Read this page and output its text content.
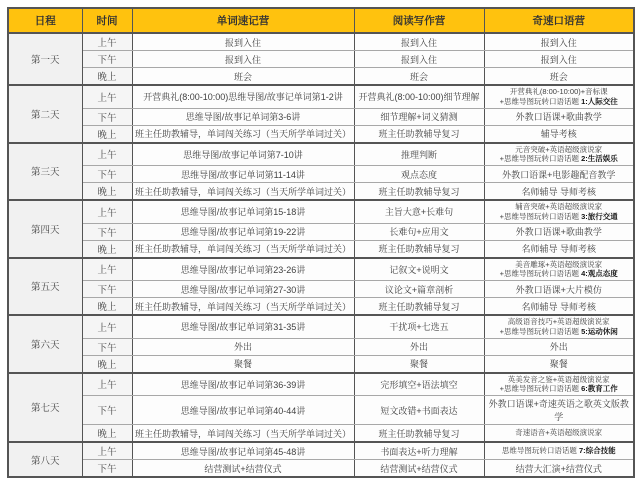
日程	时间	单词速记营	阅读写作营	奇速口语营
第一天	上午	报到入住	报到入住	报到入住
	下午	报到入住	报到入住	报到入住
	晚上	班会	班会	班会
第二天	上午	开营典礼(8:00-10:00)思维导图/故事记单词第1-2讲	开营典礼(8:00-10:00)细节理解	开营典礼(8:00-10:00)+音标课
+思维导图玩转口语话题 1:人际交往
	下午	思维导图/故事记单词第3-6讲	细节理解+词义猜测	外教口语课+歌曲教学
	晚上	班主任助教辅导，单词闯关练习（当天所学单词过关）	班主任助教辅导复习	辅导考核
第三天	上午	思维导图/故事记单词第7-10讲	推理判断	元音突破+英语超级演说家
+思维导图玩转口语话题 2:生活娱乐
	下午	思维导图/故事记单词第11-14讲	观点态度	外教口语课+电影趣配音教学
	晚上	班主任助教辅导，单词闯关练习（当天所学单词过关）	班主任助教辅导复习	名师辅导 导师考核
第四天	上午	思维导图/故事记单词第15-18讲	主旨大意+长难句	辅音突破+英语超级演说家
+思维导图玩转口语话题 3:旅行交通
	下午	思维导图/故事记单词第19-22讲	长难句+应用文	外教口语课+歌曲教学
	晚上	班主任助教辅导，单词闯关练习（当天所学单词过关）	班主任助教辅导复习	名师辅导 导师考核
第五天	上午	思维导图/故事记单词第23-26讲	记叙文+说明文	美音雕琢+英语超级演说家
+思维导图玩转口语话题 4:观点态度
	下午	思维导图/故事记单词第27-30讲	议论文+篇章剖析	外教口语课+大片模仿
	晚上	班主任助教辅导，单词闯关练习（当天所学单词过关）	班主任助教辅导复习	名师辅导 导师考核
第六天	上午	思维导图/故事记单词第31-35讲	干扰项+七选五	高级语音技巧+英语超级演说家
+思维导图玩转口语话题 5:运动休闲
	下午	外出	外出	外出
	晚上	聚餐	聚餐	聚餐
第七天	上午	思维导图/故事记单词第36-39讲	完形填空+语法填空	英美发音之鉴+英语超级演说家
+思维导图玩转口语话题 6:教育工作
	下午	思维导图/故事记单词第40-44讲	短文改错+书面表达	外教口语课+奇速英语之歌英文版教学
	晚上	班主任助教辅导，单词闯关练习（当天所学单词过关）	班主任助教辅导复习	奇速语音+英语超级演说家
第八天	上午	思维导图/故事记单词第45-48讲	书面表达+听力理解	思维导图玩转口语话题 7:综合技能
	下午	结营测试+结营仪式	结营测试+结营仪式	结营大汇演+结营仪式
